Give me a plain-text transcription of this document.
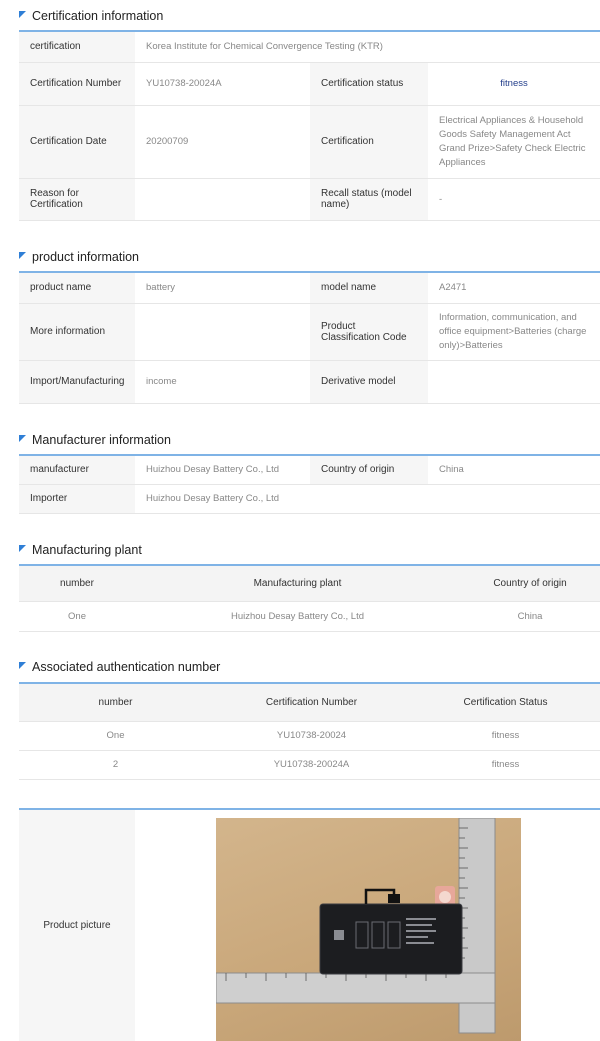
Certification information
certification	Korea Institute for Chemical Convergence Testing (KTR)		
Certification Number	YU10738-20024A	Certification status	fitness
Certification Date	20200709	Certification	Electrical Appliances & Household Goods Safety Management Act Grand Prize>Safety Check Electric Appliances
Reason for Certification		Recall status (model name)	-
product information
product name	battery	model name	A2471
More information		Product Classification Code	Information, communication, and office equipment>Batteries (charge only)>Batteries
Import/Manufacturing	income	Derivative model	
Manufacturer information
manufacturer	Huizhou Desay Battery Co., Ltd	Country of origin	China
Importer	Huizhou Desay Battery Co., Ltd		
Manufacturing plant
number	Manufacturing plant	Country of origin
One	Huizhou Desay Battery Co., Ltd	China
Associated authentication number
number	Certification Number	Certification Status
One	YU10738-20024	fitness
2	YU10738-20024A	fitness
Product picture
